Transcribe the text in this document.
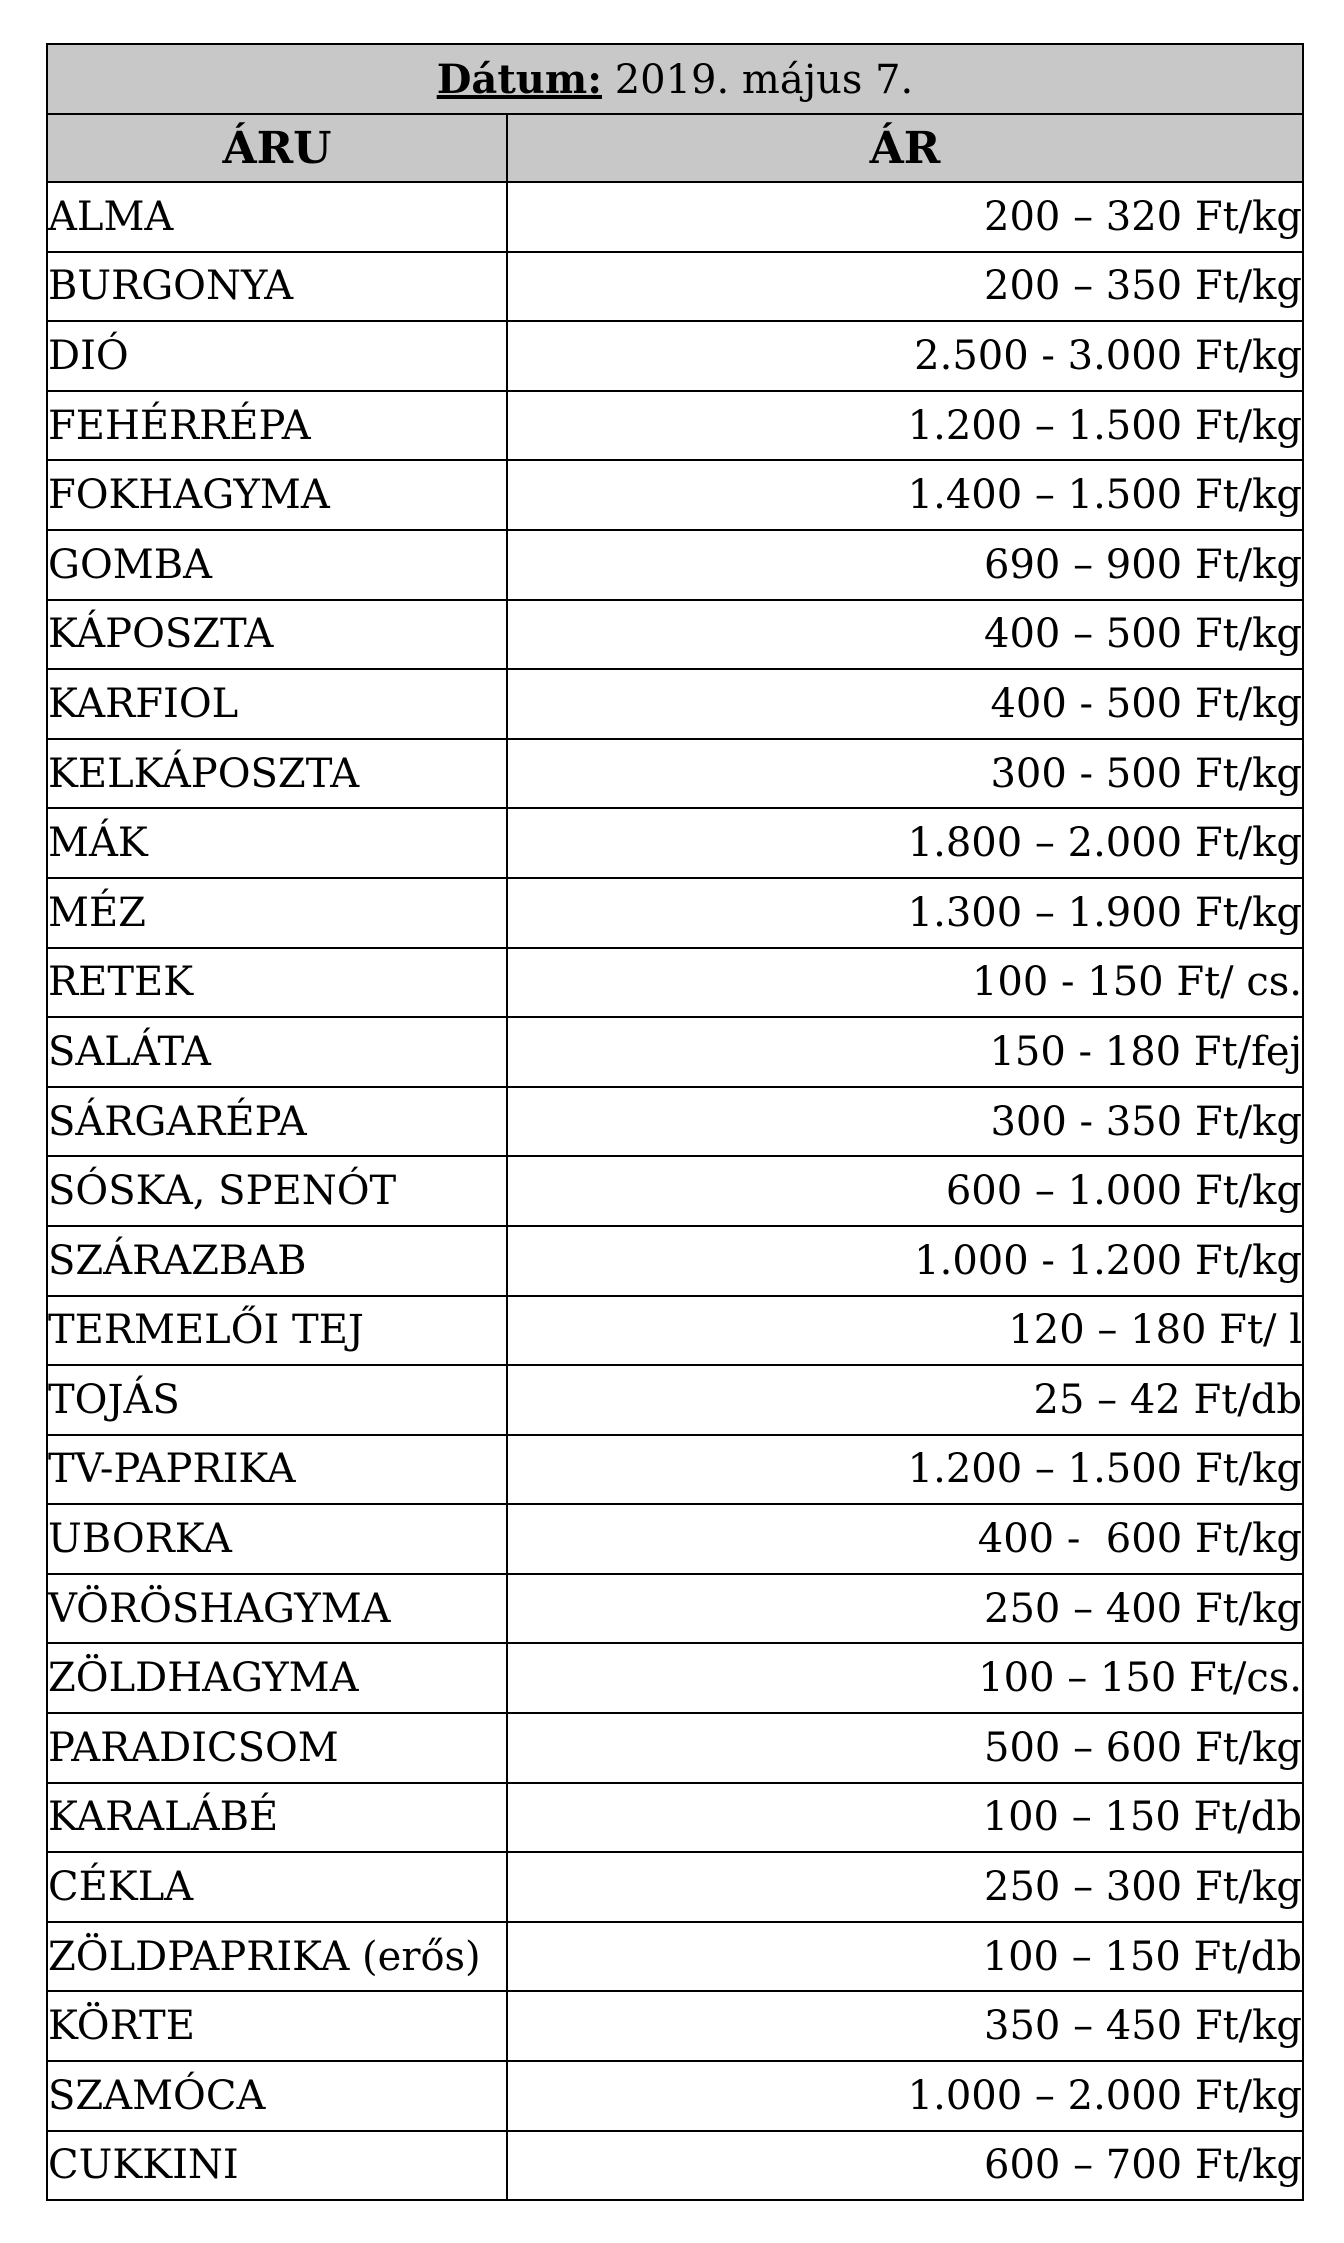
Dátum: 2019. május 7.	
ÁRU	ÁR
ALMA	200 – 320 Ft/kg
BURGONYA	200 – 350 Ft/kg
DIÓ	2.500 - 3.000 Ft/kg
FEHÉRRÉPA	1.200 – 1.500 Ft/kg
FOKHAGYMA	1.400 – 1.500 Ft/kg
GOMBA	690 – 900 Ft/kg
KÁPOSZTA	400 – 500 Ft/kg
KARFIOL	400 - 500 Ft/kg
KELKÁPOSZTA	300 - 500 Ft/kg
MÁK	1.800 – 2.000 Ft/kg
MÉZ	1.300 – 1.900 Ft/kg
RETEK	100 - 150 Ft/ cs.
SALÁTA	150 - 180 Ft/fej
SÁRGARÉPA	300 - 350 Ft/kg
SÓSKA, SPENÓT	600 – 1.000 Ft/kg
SZÁRAZBAB	1.000 - 1.200 Ft/kg
TERMELŐI TEJ	120 – 180 Ft/ l
TOJÁS	25 – 42 Ft/db
TV-PAPRIKA	1.200 – 1.500 Ft/kg
UBORKA	400 -  600 Ft/kg
VÖRÖSHAGYMA	250 – 400 Ft/kg
ZÖLDHAGYMA	100 – 150 Ft/cs.
PARADICSOM	500 – 600 Ft/kg
KARALÁBÉ	100 – 150 Ft/db
CÉKLA	250 – 300 Ft/kg
ZÖLDPAPRIKA (erős)	100 – 150 Ft/db
KÖRTE	350 – 450 Ft/kg
SZAMÓCA	1.000 – 2.000 Ft/kg
CUKKINI	600 – 700 Ft/kg
